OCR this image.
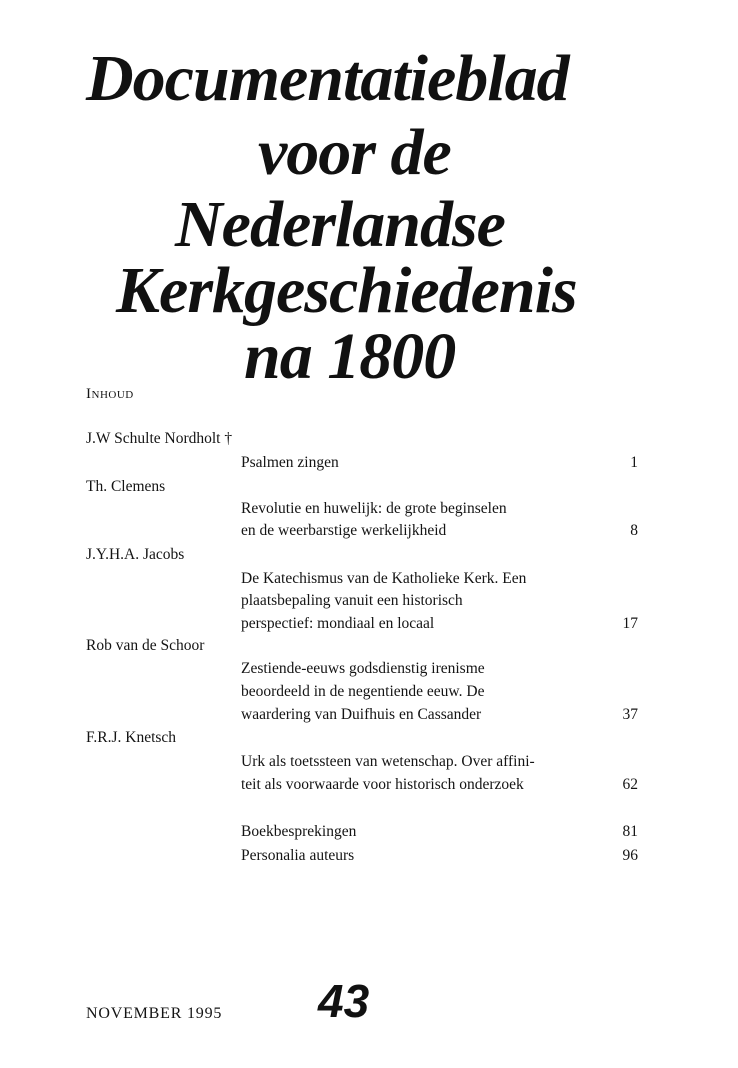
Documentatieblad
voor de
Nederlandse
Kerkgeschiedenis
na 1800
Inhoud
J.W Schulte Nordholt †
Psalmen zingen	1
Th. Clemens
Revolutie en huwelijk: de grote beginselen
en de weerbarstige werkelijkheid	8
J.Y.H.A. Jacobs
De Katechismus van de Katholieke Kerk. Een
plaatsbepaling vanuit een historisch
perspectief: mondiaal en locaal	17
Rob van de Schoor
Zestiende-eeuws godsdienstig irenisme
beoordeeld in de negentiende eeuw. De
waardering van Duifhuis en Cassander	37
F.R.J. Knetsch
Urk als toetssteen van wetenschap. Over affini-
teit als voorwaarde voor historisch onderzoek	62
Boekbesprekingen	81
Personalia auteurs	96
NOVEMBER 1995 43
